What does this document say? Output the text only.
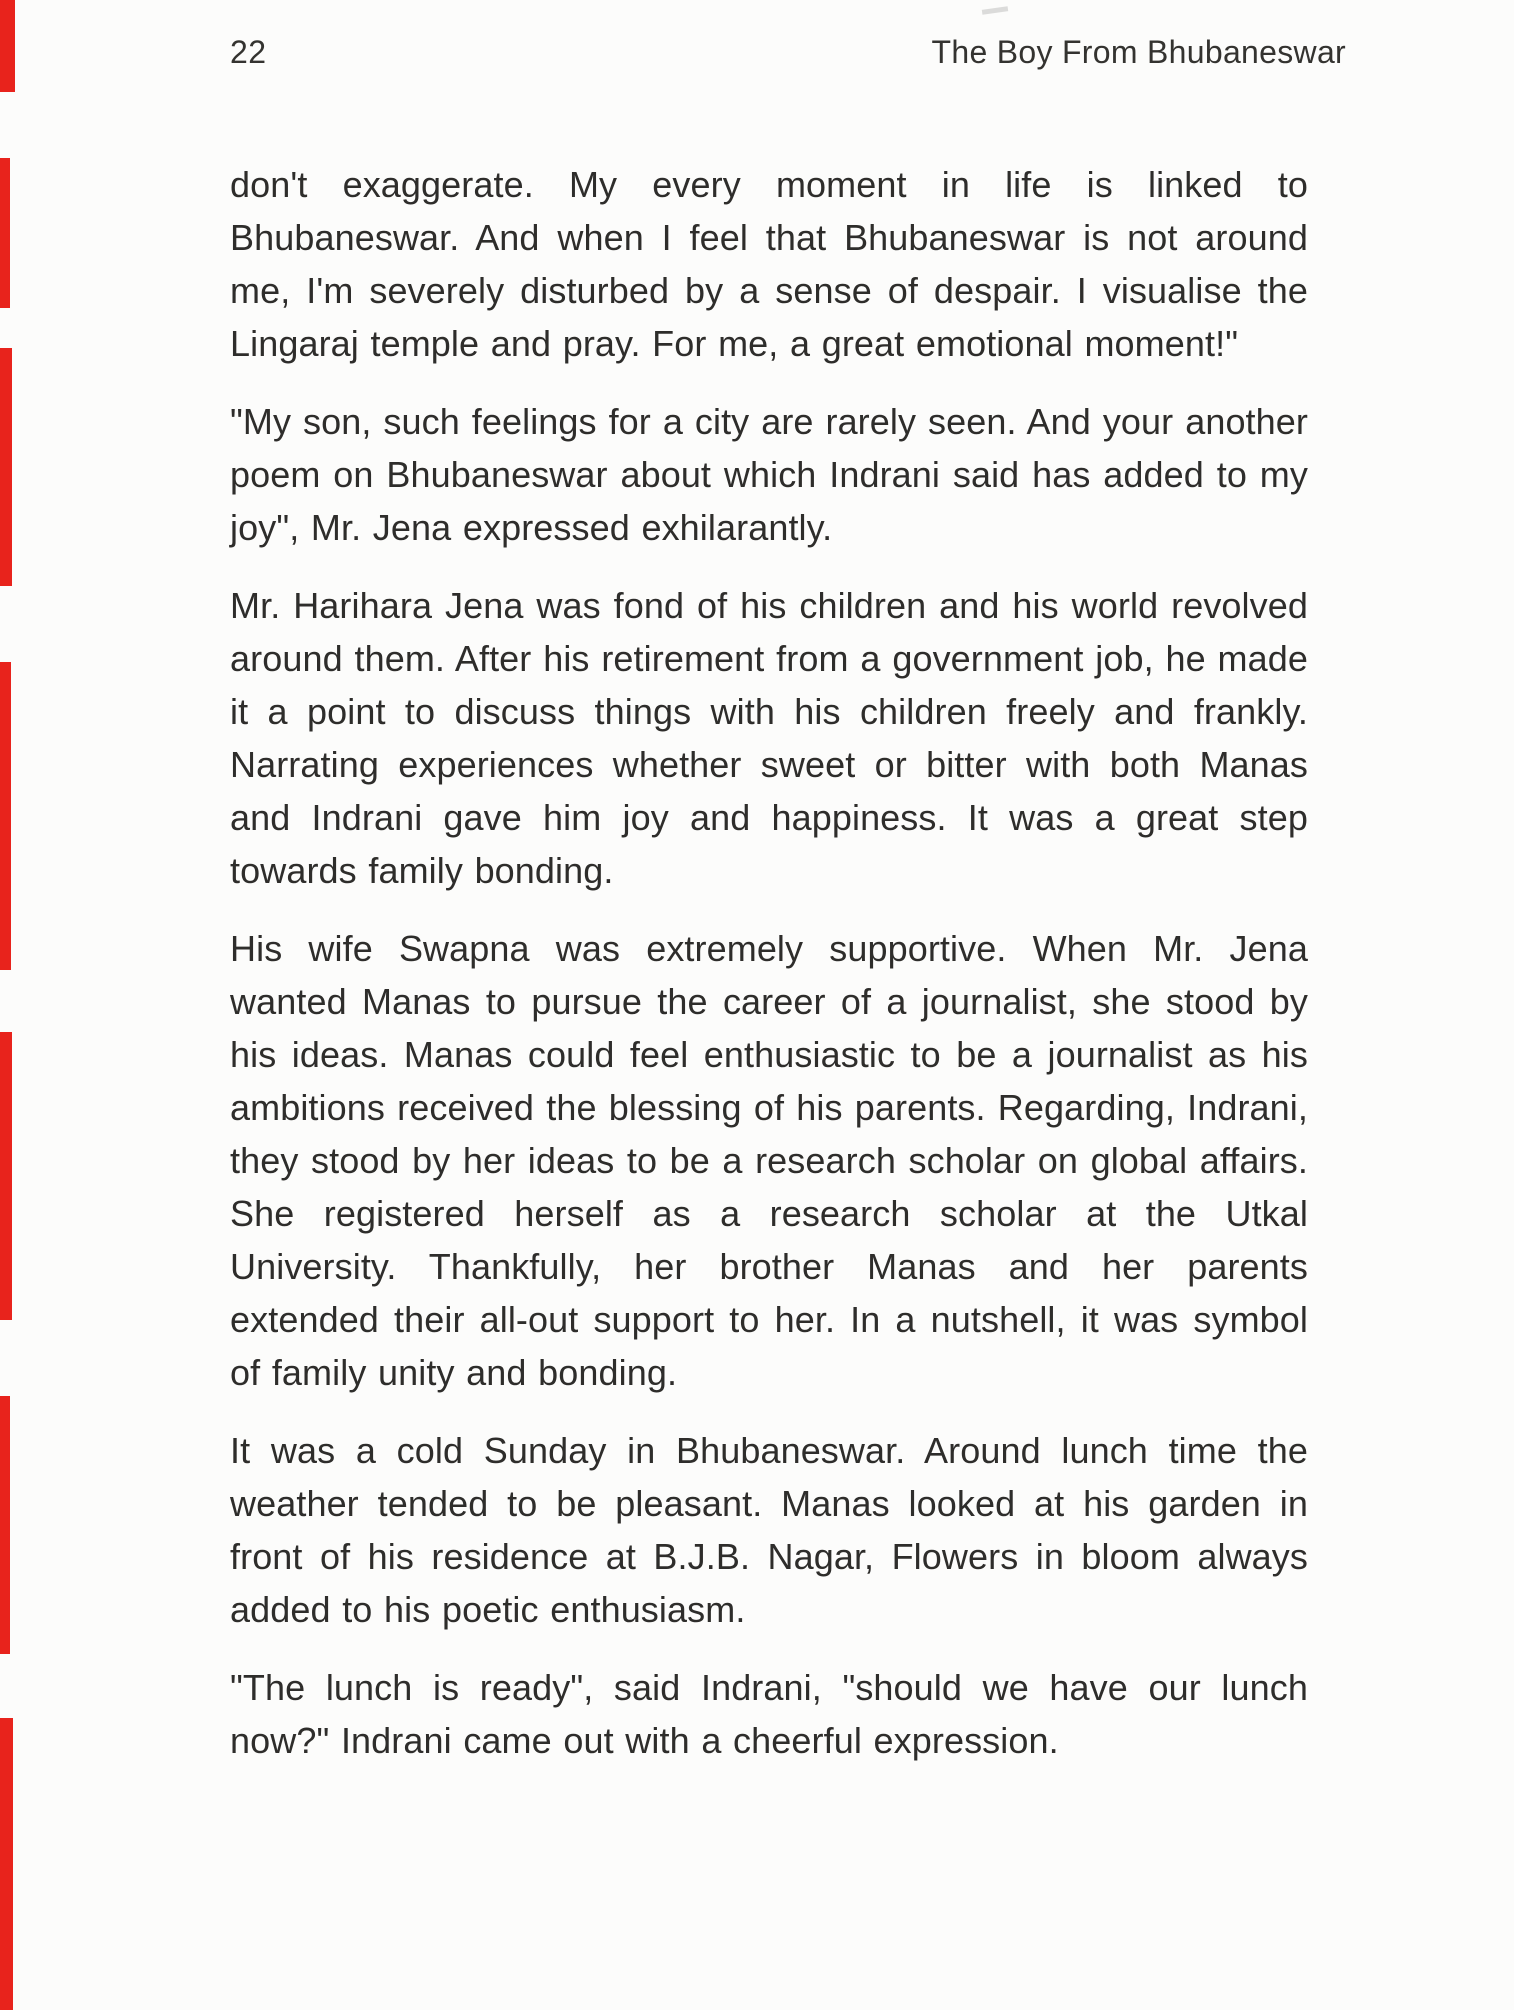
22	The Boy From Bhubaneswar

don't exaggerate. My every moment in life is linked to Bhubaneswar. And when I feel that Bhubaneswar is not around me, I'm severely disturbed by a sense of despair. I visualise the Lingaraj temple and pray. For me, a great emotional moment!"

"My son, such feelings for a city are rarely seen. And your another poem on Bhubaneswar about which Indrani said has added to my joy", Mr. Jena expressed exhilarantly.

Mr. Harihara Jena was fond of his children and his world revolved around them. After his retirement from a government job, he made it a point to discuss things with his children freely and frankly. Narrating experiences whether sweet or bitter with both Manas and Indrani gave him joy and happiness. It was a great step towards family bonding.

His wife Swapna was extremely supportive. When Mr. Jena wanted Manas to pursue the career of a journalist, she stood by his ideas. Manas could feel enthusiastic to be a journalist as his ambitions received the blessing of his parents. Regarding, Indrani, they stood by her ideas to be a research scholar on global affairs. She registered herself as a research scholar at the Utkal University. Thankfully, her brother Manas and her parents extended their all-out support to her. In a nutshell, it was symbol of family unity and bonding.

It was a cold Sunday in Bhubaneswar. Around lunch time the weather tended to be pleasant. Manas looked at his garden in front of his residence at B.J.B. Nagar, Flowers in bloom always added to his poetic enthusiasm.

"The lunch is ready", said Indrani, "should we have our lunch now?" Indrani came out with a cheerful expression.
